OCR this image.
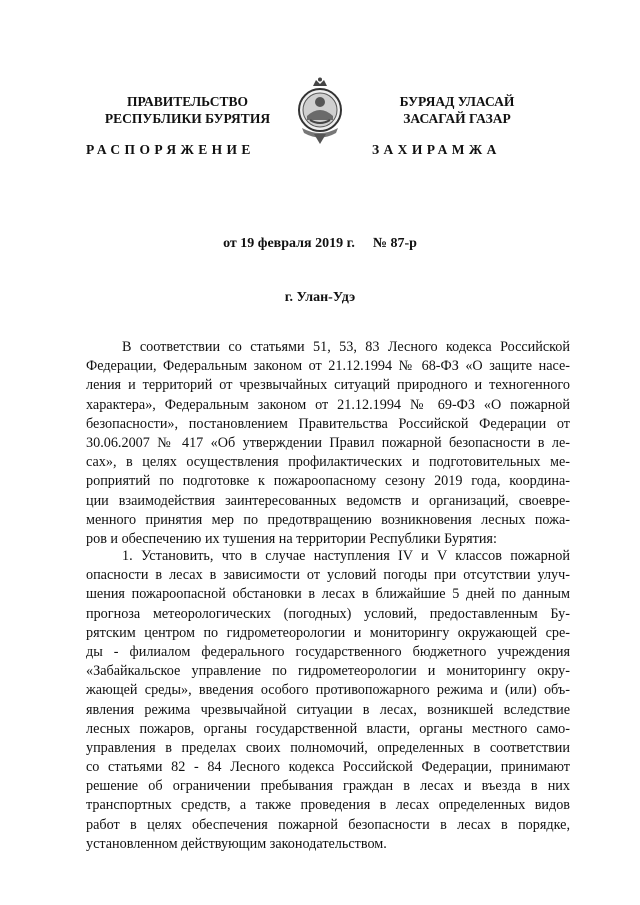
ПРАВИТЕЛЬСТВО
РЕСПУБЛИКИ БУРЯТИЯ
БУРЯАД УЛАСАЙ
ЗАСАГАЙ ГАЗАР
РАСПОРЯЖЕНИЕ	ЗАХИРАМЖА
от 19 февраля 2019 г. № 87-р
г. Улан-Удэ
В соответствии со статьями 51, 53, 83 Лесного кодекса Российской
Федерации, Федеральным законом от 21.12.1994 № 68-ФЗ «О защите насе-
ления и территорий от чрезвычайных ситуаций природного и техногенного
характера», Федеральным законом от 21.12.1994 № 69-ФЗ «О пожарной
безопасности», постановлением Правительства Российской Федерации от
30.06.2007 № 417 «Об утверждении Правил пожарной безопасности в ле-
сах», в целях осуществления профилактических и подготовительных ме-
роприятий по подготовке к пожароопасному сезону 2019 года, координа-
ции взаимодействия заинтересованных ведомств и организаций, своевре-
менного принятия мер по предотвращению возникновения лесных пожа-
ров и обеспечению их тушения на территории Республики Бурятия:
1. Установить, что в случае наступления IV и V классов пожарной
опасности в лесах в зависимости от условий погоды при отсутствии улуч-
шения пожароопасной обстановки в лесах в ближайшие 5 дней по данным
прогноза метеорологических (погодных) условий, предоставленным Бу-
рятским центром по гидрометеорологии и мониторингу окружающей сре-
ды - филиалом федерального государственного бюджетного учреждения
«Забайкальское управление по гидрометеорологии и мониторингу окру-
жающей среды», введения особого противопожарного режима и (или) объ-
явления режима чрезвычайной ситуации в лесах, возникшей вследствие
лесных пожаров, органы государственной власти, органы местного само-
управления в пределах своих полномочий, определенных в соответствии
со статьями 82 - 84 Лесного кодекса Российской Федерации, принимают
решение об ограничении пребывания граждан в лесах и въезда в них
транспортных средств, а также проведения в лесах определенных видов
работ в целях обеспечения пожарной безопасности в лесах в порядке,
установленном действующим законодательством.
